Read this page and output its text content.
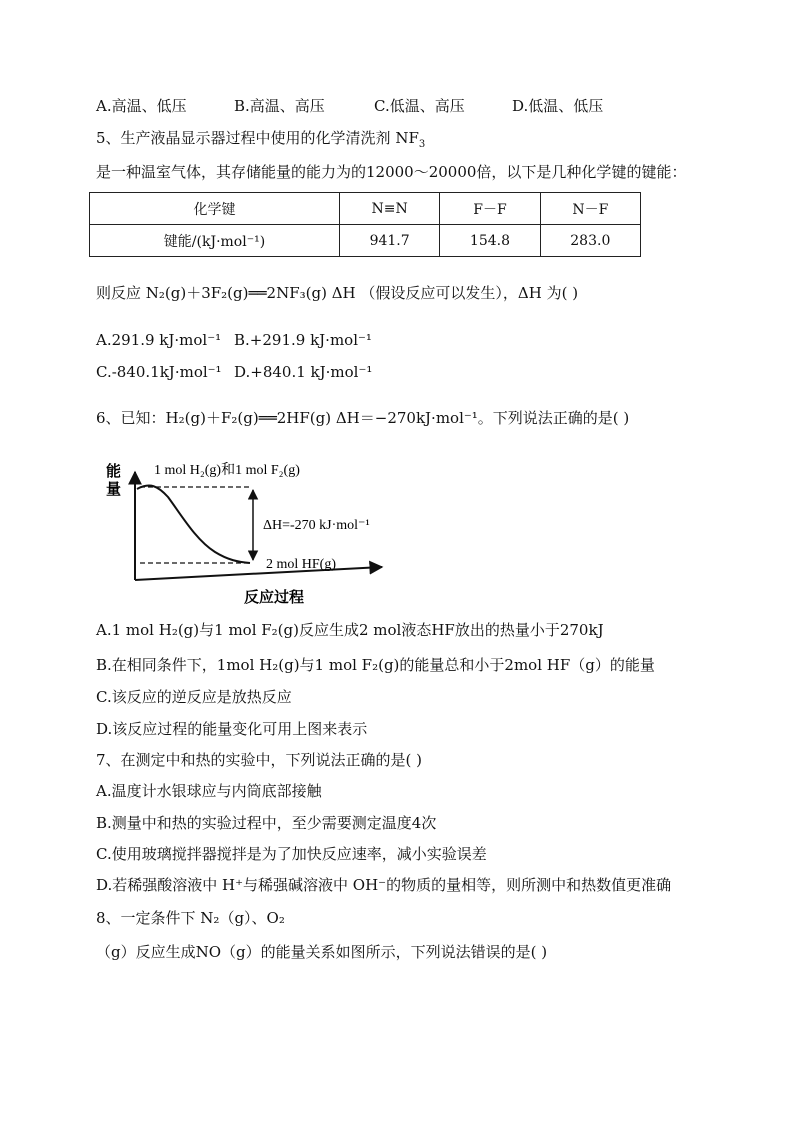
A.高温、低压	B.高温、高压	C.低温、高压	D.低温、低压
5、生产液晶显示器过程中使用的化学清洗剂 $NF_3$
是一种温室气体，其存储能量的能力为的12000～20000倍，以下是几种化学键的键能：
化学键	N≡N	F－F	N－F
键能/(kJ·mol⁻¹)	941.7	154.8	283.0
则反应 N₂(g)＋3F₂(g)══2NF₃(g) ΔH （假设反应可以发生），ΔH 为( )
A.291.9 kJ·mol⁻¹ B.+291.9 kJ·mol⁻¹
C.-840.1kJ·mol⁻¹ D.+840.1 kJ·mol⁻¹
6、已知：H₂(g)＋F₂(g)══2HF(g) ΔH＝−270kJ·mol⁻¹。下列说法正确的是( )
能
量
1 mol H₂(g)和1 mol F₂(g)
ΔH=-270 kJ·mol⁻¹
2 mol HF(g)
反应过程
A.1 mol H₂(g)与1 mol F₂(g)反应生成2 mol液态HF放出的热量小于270kJ
B.在相同条件下，1mol H₂(g)与1 mol F₂(g)的能量总和小于2mol HF（g）的能量
C.该反应的逆反应是放热反应
D.该反应过程的能量变化可用上图来表示
7、在测定中和热的实验中，下列说法正确的是( )
A.温度计水银球应与内筒底部接触
B.测量中和热的实验过程中，至少需要测定温度4次
C.使用玻璃搅拌器搅拌是为了加快反应速率，减小实验误差
D.若稀强酸溶液中 H⁺与稀强碱溶液中 OH⁻的物质的量相等，则所测中和热数值更准确
8、一定条件下 N₂（g）、O₂
（g）反应生成NO（g）的能量关系如图所示，下列说法错误的是( )
